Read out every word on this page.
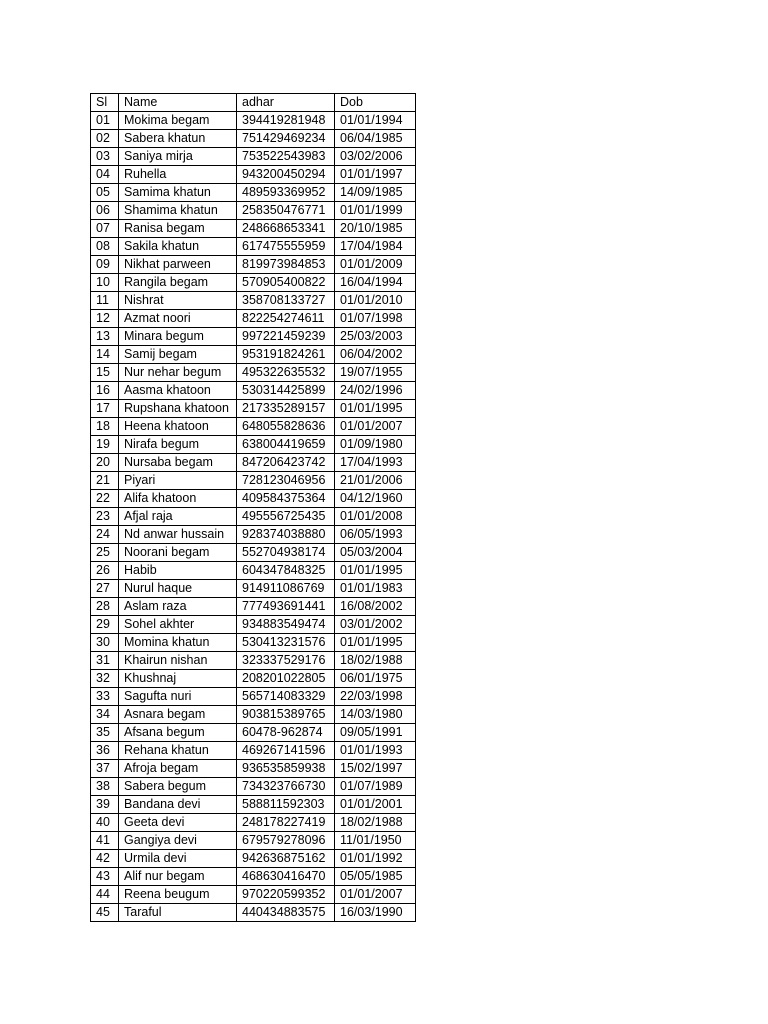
Sl	Name	adhar	Dob
01	Mokima begam	394419281948	01/01/1994
02	Sabera khatun	751429469234	06/04/1985
03	Saniya mirja	753522543983	03/02/2006
04	Ruhella	943200450294	01/01/1997
05	Samima khatun	489593369952	14/09/1985
06	Shamima khatun	258350476771	01/01/1999
07	Ranisa begam	248668653341	20/10/1985
08	Sakila khatun	617475555959	17/04/1984
09	Nikhat parween	819973984853	01/01/2009
10	Rangila begam	570905400822	16/04/1994
11	Nishrat	358708133727	01/01/2010
12	Azmat noori	822254274611	01/07/1998
13	Minara begum	997221459239	25/03/2003
14	Samij begam	953191824261	06/04/2002
15	Nur nehar begum	495322635532	19/07/1955
16	Aasma khatoon	530314425899	24/02/1996
17	Rupshana khatoon	217335289157	01/01/1995
18	Heena khatoon	648055828636	01/01/2007
19	Nirafa begum	638004419659	01/09/1980
20	Nursaba begam	847206423742	17/04/1993
21	Piyari	728123046956	21/01/2006
22	Alifa khatoon	409584375364	04/12/1960
23	Afjal raja	495556725435	01/01/2008
24	Nd anwar hussain	928374038880	06/05/1993
25	Noorani begam	552704938174	05/03/2004
26	Habib	604347848325	01/01/1995
27	Nurul haque	914911086769	01/01/1983
28	Aslam raza	777493691441	16/08/2002
29	Sohel akhter	934883549474	03/01/2002
30	Momina khatun	530413231576	01/01/1995
31	Khairun nishan	323337529176	18/02/1988
32	Khushnaj	208201022805	06/01/1975
33	Sagufta nuri	565714083329	22/03/1998
34	Asnara begam	903815389765	14/03/1980
35	Afsana begum	60478-962874	09/05/1991
36	Rehana khatun	469267141596	01/01/1993
37	Afroja begam	936535859938	15/02/1997
38	Sabera begum	734323766730	01/07/1989
39	Bandana devi	588811592303	01/01/2001
40	Geeta devi	248178227419	18/02/1988
41	Gangiya devi	679579278096	11/01/1950
42	Urmila devi	942636875162	01/01/1992
43	Alif nur begam	468630416470	05/05/1985
44	Reena beugum	970220599352	01/01/2007
45	Taraful	440434883575	16/03/1990
